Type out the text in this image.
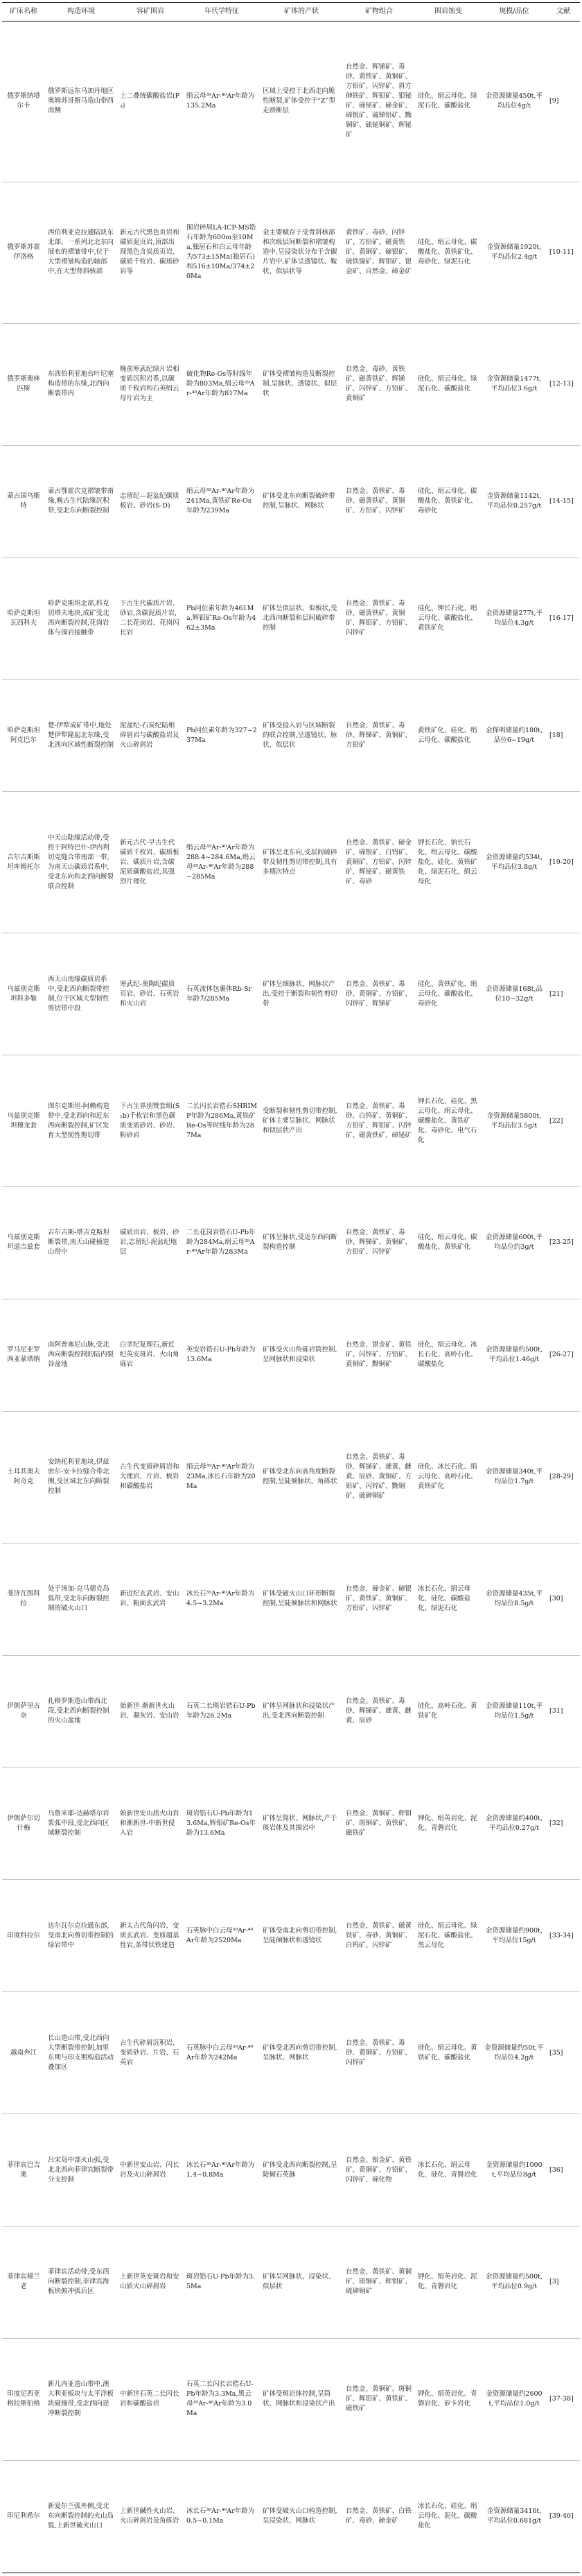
矿床名称	构造环境	容矿围岩	年代学特征	矿体的产状	矿物组合	围岩蚀变	规模/品位	文献
俄罗斯纳塔尔卡	俄罗斯远东马加丹地区奥姆苏哥斯马造山带西南侧	上二叠统碳酸盐岩(P₃)	绢云母³⁹Ar-⁴⁰Ar年龄为135.2Ma	区域上受控于北西走向脆性断裂,矿体受控于“Z”型走滑断层	自然金、辉锑矿、毒砂、黄铁矿、黄铜矿、方铅矿、闪锌矿、斜方砷铁矿、辉钼矿、钼铋矿、碲铋矿、碲金矿、碲银矿、硫锑铅矿、黝铜矿、硫铋铜矿、辉铋矿	硅化、绢云母化、绿泥石化、碳酸盐化	金资源储量450t,平均品位4g/t	[9]
俄罗斯苏霍伊洛格	西伯利亚克拉通陆块东北部，一系列北北东向展布的褶皱带中,位于大型褶皱构造的轴部中,在大型背斜核部	新元古代黑色页岩和碳质泥页岩,顶部出现黑色含炭质页岩、碳质千枚岩、碳质砂岩等	围岩碎屑LA-ICP-MS锆石年龄为600m至10Ma,独居石和白云母年龄为573±15Ma(独居石)和516±10Ma/374±20Ma	金主要赋存于受背斜核部和次级层间断裂和褶皱构造中,呈浸染状分布于含碳片岩中,矿体呈透镜状、鞍状、似层状等	黄铁矿、毒砂、闪锌矿、方铅矿、磁黄铁矿、黄铜矿、碲银矿、硫铁镍矿、辉钼矿、银金矿、自然金、碲金矿	硅化、绢云母化、碳酸盐化、黄铁矿化、毒砂化、绿泥石化	金资源储量1920t,平均品位2.4g/t	[10-11]
俄罗斯奥林匹斯	东西伯利亚地台叶尼塞构造带的东缘,北西向断裂带内	晚前寒武纪绿片岩相变质沉积岩系,以碳质千枚岩和石英绢云母片岩为主	硫化物Re-Os等时线年龄为803Ma,绢云母³⁹Ar-⁴⁰Ar年龄为817Ma	矿体受褶皱构造及断裂控制,呈脉状、透镜状、似层状	自然金、毒砂、黄铁矿、磁黄铁矿、辉锑矿、闪锌矿、方铅矿、黄铜矿	硅化、绢云母化、绿泥石化、碳酸盐化	金资源储量1477t,平均品位3.6g/t	[12-13]
蒙古国乌斯特	蒙古鄂霍次克褶皱带南缘,晚古生代陆缘沉积带,受北东向断裂控制	志留纪—泥盆纪碳质板岩、砂岩(S-D)	绢云母³⁹Ar-⁴⁰Ar年龄为241Ma,黄铁矿Re-Os年龄为239Ma	矿体受北东向断裂破碎带控制,呈脉状、网脉状	自然金、黄铁矿、毒砂、磁黄铁矿、黄铜矿、方铅矿、闪锌矿	硅化、绢云母化、碳酸盐化、黄铁矿化、毒砂化	金资源储量1142t,平均品位0.257g/t	[14-15]
哈萨克斯坦瓦西科夫	哈萨克斯坦北部,科克切塔夫地块,成矿受北西向断裂控制,花岗岩体与围岩接触带	下古生代碳质片岩、砂岩,含碳泥质片岩,二长花岗岩、花岗闪长岩	Pb同位素年龄为461Ma,辉钼矿Re-Os年龄为462±3Ma	矿体呈似层状、似板状,受北西向断裂和层间破碎带控制	自然金、黄铁矿、毒砂、磁黄铁矿、黄铜矿、辉钼矿、方铅矿、闪锌矿	硅化、钾长石化、绢云母化、碳酸盐化、黄铁矿化	金资源储量277t,平均品位4.3g/t	[16-17]
哈萨克斯坦阿克巴尔	楚-伊犁成矿带中,地处楚伊犁隆起北东缘,受北西向区域性断裂控制	泥盆纪-石炭纪陆相碎屑岩与碳酸盐岩及火山碎屑岩	Pb同位素年龄为327~237Ma	矿体受侵入岩与区域断裂的联合控制,呈透镜状、脉状、似层状	自然金、黄铁矿、毒砂、辉锑矿、黄铜矿、方铅矿	黄铁矿化、硅化、绢云母化、碳酸盐化	金探明储量约180t,品位6~19g/t	[18]
吉尔吉斯斯坦库姆托尔	中天山陆缘活动带,受控于阿特巴什-伊内利切克缝合带南部一带,为南天山碳质岩系中,受北东向和北西向断裂联合控制	新元古代-早古生代碳质千枚岩、碳质板岩、碳质片岩,含碳泥质碳酸盐岩,具强烈片理化	绢云母³⁹Ar-⁴⁰Ar年龄为288.4~284.6Ma,绢云母³⁹Ar-⁴⁰Ar年龄为288~285Ma	矿体呈北东向,受层间破碎带及韧性剪切带控制,具有多期次特点	自然金、黄铁矿、碲金矿、碲银矿、白钨矿、黄铜矿、方铅矿、闪锌矿、辉铋矿、磁黄铁矿、毒砂	钾长石化、钠长石化、绢云母化、碳酸盐化、硅化、黄铁矿化、绿泥石化、绢云母化	金资源储量约534t,平均品位3.8g/t	[19-20]
乌兹别克斯坦科多勒	西天山南缘碳质岩系中,受北西向断裂带控制,位于区域大型韧性剪切带中段	寒武纪-奥陶纪碳质页岩、砂岩、石英岩和火山岩	石英流体包裹体Rb-Sr年龄为285Ma	矿体呈细脉状、网脉状产出,受控于断裂和韧性剪切带	自然金、黄铁矿、毒砂、黄铜矿、方铅矿、闪锌矿、辉锑矿	硅化、黄铁矿化、绢云母化、碳酸盐化、毒砂化	金资源储量168t,品位10~32g/t	[21]
乌兹别克斯坦穆龙套	图尔克斯坦-阿赖构造带中,受北西向和近东西向断裂控制,矿区发育大型韧性剪切带	下古生界别赞套组(S₁b)千枚岩和黑色碳质变质砂岩、砂岩、粉砂岩	二长闪长岩锆石SHRIMP年龄为286Ma,黄铁矿Re-Os等时线年龄为287Ma	受断裂和韧性剪切带控制,矿体主要呈脉状、网脉状和似层状产出	自然金、黄铁矿、毒砂、白钨矿、黄铜矿、方铅矿、辉钼矿、闪锌矿、磁黄铁矿、碲铋矿	钾长石化、硅化、黑云母化、绢云母化、碳酸盐化、黄铁矿化、毒砂化、电气石化	金资源储量5800t,平均品位3.5g/t	[22]
乌兹别克斯坦道吉兹套	吉尔吉斯-塔吉克斯坦断裂带,南天山碰撞造山带中	碳质页岩、板岩、砂岩,志留纪-泥盆纪地层	二长花岗岩锆石U-Pb年龄为284Ma,绢云母³⁹Ar-⁴⁰Ar年龄为283Ma	矿体呈脉状,受近东西向断裂构造控制	自然金、黄铁矿、毒砂、辉锑矿、黄铜矿、方铅矿、闪锌矿	硅化、绢云母化、碳酸盐化、黄铁矿化	金资源储量600t,平均品位约3g/t	[23-25]
罗马尼亚罗西亚蒙塔纳	南阿普塞尼山脉,受北西向断裂控制的陆内裂谷盆地	白垩纪复理石,新近纪英安斑岩、火山角砾岩	英安岩锆石U-Pb年龄为13.6Ma	矿体受火山角砾岩筒控制,呈网脉状和浸染状	自然金、银金矿、黄铁矿、闪锌矿、方铅矿、黄铜矿、黝铜矿	硅化、绢云母化、冰长石化、高岭石化、碳酸盐化	金资源储量约500t,平均品位1.46g/t	[26-27]
土耳其奥夫阿奇克	安纳托利亚地块,伊兹密尔-安卡拉缝合带北侧,受区域北东向断裂控制	古生代变质碎屑岩和大理岩、片岩、板岩和碳酸盐岩	绢云母³⁹Ar-⁴⁰Ar年龄为23Ma,冰长石年龄为20Ma	矿体受北东向高角度断裂控制,呈陡倾脉状、角砾状	自然金、黄铁矿、毒砂、辉锑矿、雄黄、雌黄、辰砂、黄铜矿、方铅矿、闪锌矿、黝铜矿、硫砷铜矿	硅化、冰长石化、绢云母化、高岭石化、黄铁矿化	金资源储量340t,平均品位1.7g/t	[28-29]
斐济瓦图科拉	处于汤加-克马德克岛弧带,受北东向断裂控制的破火山口	新近纪玄武岩、安山岩、粗面玄武岩	冰长石³⁹Ar-⁴⁰Ar年龄为4.5~3.2Ma	矿体受破火山口环形断裂控制,呈陡倾脉状和网脉状	自然金、碲金矿、碲银矿、黄铁矿、黄铜矿、方铅矿、闪锌矿	冰长石化、绢云母化、硅化、碳酸盐化、绿泥石化	金资源储量435t,平均品位8.5g/t	[30]
伊朗萨里古奈	扎格罗斯造山带西北段,受北西向断裂控制的火山盆地	始新世-渐新世火山岩、凝灰岩、安山岩	石英二长斑岩锆石U-Pb年龄为26.2Ma	矿体呈网脉状和浸染状产出,受北西向断裂控制	自然金、黄铁矿、毒砂、辉锑矿、雄黄、雌黄、辰砂	硅化、高岭石化、黄铁矿化	金资源储量110t,平均品位1.5g/t	[31]
伊朗萨尔切什梅	乌鲁米耶-达赫塔尔岩浆弧中段,受北西向区域断裂控制	始新世安山质火山岩和渐新世-中新世侵入岩	斑岩锆石U-Pb年龄为13.6Ma,辉钼矿Re-Os年龄为13.6Ma	矿体呈筒状、网脉状,产于斑岩体及其围岩中	自然金、黄铜矿、辉钼矿、斑铜矿、黄铁矿、磁铁矿	钾化、绢英岩化、泥化、青磐岩化	金资源储量约400t,平均品位0.27g/t	[32]
印度科拉尔	达尔瓦尔克拉通东部,受南北向剪切带控制的绿岩带中	新太古代角闪岩、变质玄武岩、变质超基性岩,条带状铁建造	石英脉中白云母³⁹Ar-⁴⁰Ar年龄为2520Ma	矿体受南北向剪切带控制,呈陡倾脉状和透镜状	自然金、黄铁矿、磁黄铁矿、毒砂、黄铜矿、白钨矿、闪锌矿	硅化、绢云母化、绿泥石化、碳酸盐化、黑云母化	金资源储量约900t,平均品位15g/t	[33-34]
越南奔江	长山造山带,受北西向大型断裂带控制,加里东期与印支期构造活动叠加区	古生代碎屑沉积岩,变质砂岩、片岩、石英岩	石英脉中白云母³⁹Ar-⁴⁰Ar年龄为242Ma	矿体受北西向剪切带控制,呈脉状、网脉状	自然金、黄铁矿、毒砂、黄铜矿、方铅矿、闪锌矿	硅化、绢云母化、黄铁矿化、碳酸盐化	金资源储量约50t,平均品位4.2g/t	[35]
菲律宾巴吉奥	吕宋岛中部火山弧,受北北西向菲律宾断裂带分支控制	中新世安山岩、闪长岩及火山碎屑岩	冰长石³⁹Ar-⁴⁰Ar年龄为1.4~0.8Ma	矿体受北西向断裂控制,呈陡倾石英脉	自然金、银金矿、黄铁矿、黄铜矿、方铅矿、闪锌矿、碲化物	冰长石化、绢云母化、硅化、青磐岩化	金资源储量约1000t,平均品位8g/t	[36]
菲律宾棉兰老	菲律宾活动带,受东西向断裂控制,菲律宾海板块俯冲弧后区	上新世英安斑岩和安山质火山碎屑岩	斑岩锆石U-Pb年龄为3.5Ma	矿体呈网脉状、浸染状、似层状	自然金、黄铁矿、黄铜矿、斑铜矿、辉钼矿、硫砷铜矿	钾化、绢英岩化、泥化、青磐岩化	金资源储量约500t,平均品位0.9g/t	[3]
印度尼西亚格拉斯伯格	新几内亚造山带中,澳大利亚板块与太平洋板块碰撞带,受北西向逆冲断裂控制	中新世石英二长闪长岩和碳酸盐岩	石英二长闪长岩锆石U-Pb年龄为3.3Ma,黑云母³⁹Ar-⁴⁰Ar年龄为3.0Ma	矿体受斑岩体控制,呈筒状、网脉状和浸染状产出	自然金、黄铜矿、斑铜矿、辉钼矿、黄铁矿、磁铁矿	钾化、绢英岩化、青磐岩化、矽卡岩化	金资源储量约2600t,平均品位1.0g/t	[37-38]
印尼利希尔	新爱尔兰弧外侧,受北东向断裂控制的火山岛弧,上新世破火山口	上新世碱性火山岩、火山碎屑岩及角砾岩	冰长石³⁹Ar-⁴⁰Ar年龄为0.5~0.1Ma	矿体受破火山口构造控制,呈浸染状、网脉状	自然金、黄铁矿、白铁矿、毒砂、碲金矿	冰长石化、硅化、绢云母化、泥化、碳酸盐化	金资源储量3416t,平均品位0.681g/t	[39-40]
